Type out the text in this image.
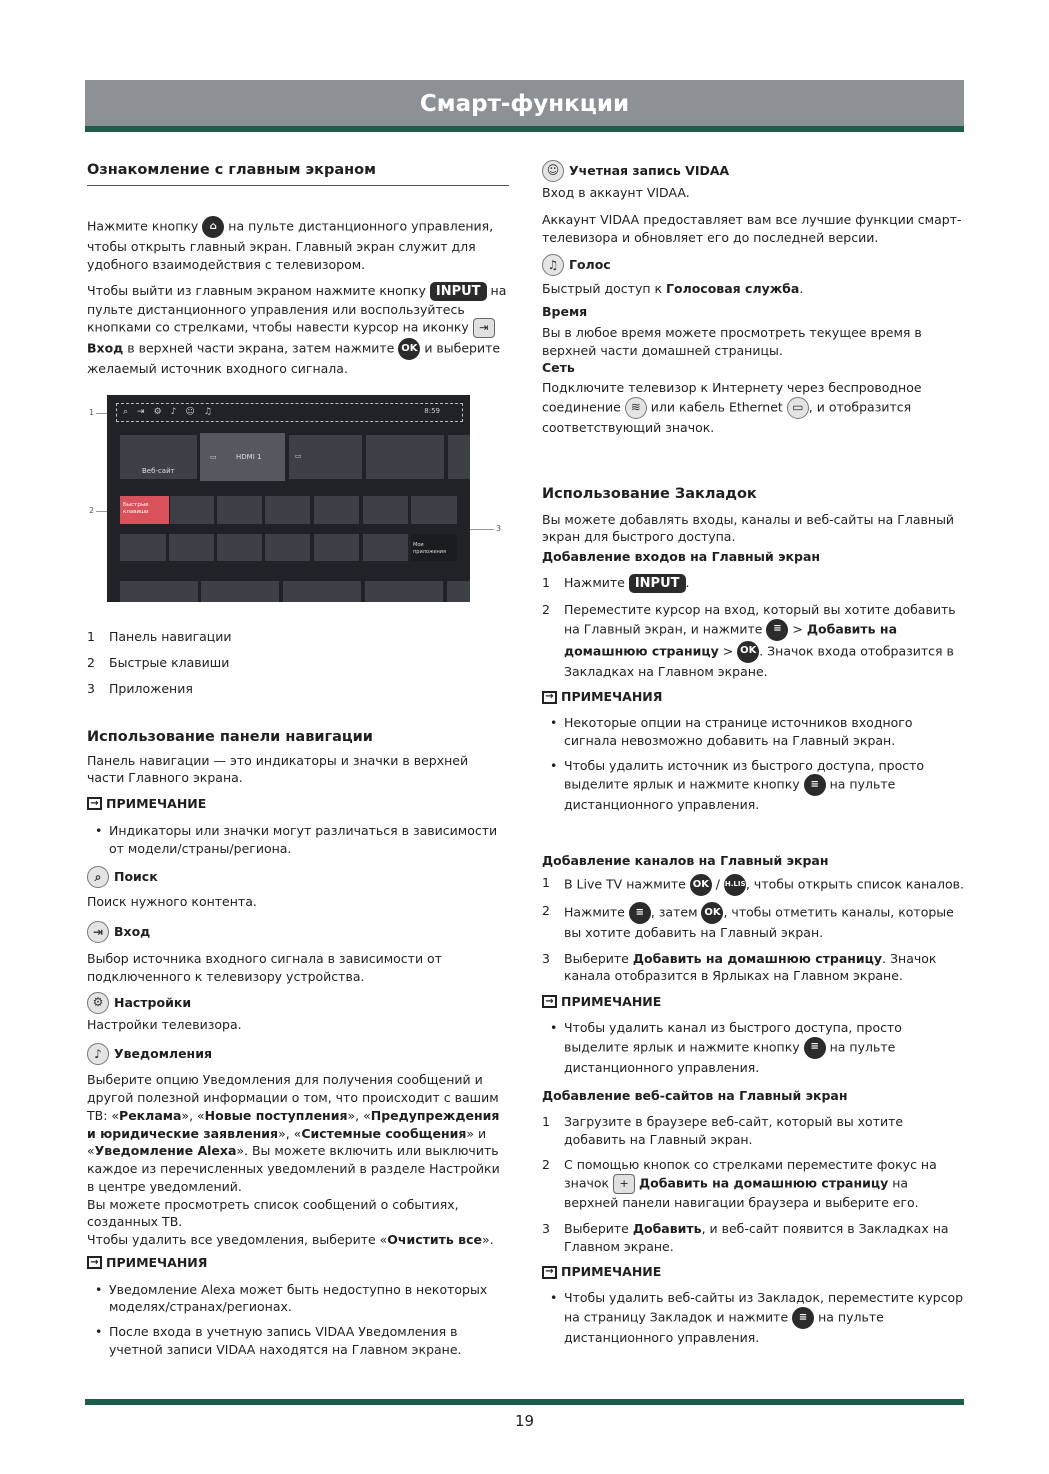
Смарт-функции
Ознакомление с главным экраном

Нажмите кнопку ⌂ на пульте дистанционного управления, чтобы открыть главный экран. Главный экран служит для удобного взаимодействия с телевизором.

Чтобы выйти из главным экраном нажмите кнопку INPUT на пульте дистанционного управления или воспользуйтесь кнопками со стрелками, чтобы навести курсор на иконку ⇥ Вход в верхней части экрана, затем нажмите OK и выберите желаемый источник входного сигнала.

1
2
3
⌕⇥⚙♪☺♫	8:59
Веб-сайт
▭	HDMI 1	▭
Быстрые клавиши
Мои приложения
1 Панель навигации
2 Быстрые клавиши
3 Приложения
Использование панели навигации

Панель навигации — это индикаторы и значки в верхней части Главного экрана.

→ ПРИМЕЧАНИЕ
• Индикаторы или значки могут различаться в зависимости от модели/страны/региона.
⌕	Поиск

Поиск нужного контента.

⇥ Вход

Выбор источника входного сигнала в зависимости от подключенного к телевизору устройства.

⚙ Настройки

Настройки телевизора.

♪ Уведомления

Выберите опцию Уведомления для получения сообщений и другой полезной информации о том, что происходит с вашим ТВ: «Реклама», «Новые поступления», «Предупреждения и юридические заявления», «Системные сообщения» и «Уведомление Alexa». Вы можете включить или выключить каждое из перечисленных уведомлений в разделе Настройки в центре уведомлений.

Вы можете просмотреть список сообщений о событиях, созданных ТВ.

Чтобы удалить все уведомления, выберите «Очистить все».

→ ПРИМЕЧАНИЯ
• Уведомление Alexa может быть недоступно в некоторых моделях/странах/регионах.
• После входа в учетную запись VIDAA Уведомления в учетной записи VIDAA находятся на Главном экране.
☺ Учетная запись VIDAA

Вход в аккаунт VIDAA.

Аккаунт VIDAA предоставляет вам все лучшие функции смарт-телевизора и обновляет его до последней версии.

♫ Голос

Быстрый доступ к Голосовая служба.

Время

Вы в любое время можете просмотреть текущее время в верхней части домашней страницы.

Сеть

Подключите телевизор к Интернету через беспроводное
соединение ≋ или кабель Ethernet ▭ , и отобразится
соответствующий значок.

Использование Закладок

Вы можете добавлять входы, каналы и веб-сайты на Главный экран для быстрого доступа.

Добавление входов на Главный экран
1 Нажмите INPUT .
2 Переместите курсор на вход, который вы хотите добавить на Главный экран, и нажмите ≡ > Добавить на домашнюю страницу > OK . Значок входа отобразится в Закладках на Главном экране.
→ ПРИМЕЧАНИЯ
• Некоторые опции на странице источников входного сигнала невозможно добавить на Главный экран.
• Чтобы удалить источник из быстрого доступа, просто выделите ярлык и нажмите кнопку ≡ на пульте дистанционного управления.
Добавление каналов на Главный экран
1 В Live TV нажмите OK / CH.LIST, чтобы открыть список каналов.
2 Нажмите ≡ , затем OK , чтобы отметить каналы, которые вы хотите добавить на Главный экран.
3 Выберите Добавить на домашнюю страницу. Значок канала отобразится в Ярлыках на Главном экране.
→ ПРИМЕЧАНИЕ
• Чтобы удалить канал из быстрого доступа, просто выделите ярлык и нажмите кнопку ≡ на пульте дистанционного управления.
Добавление веб-сайтов на Главный экран
1 Загрузите в браузере веб-сайт, который вы хотите добавить на Главный экран.
2 С помощью кнопок со стрелками переместите фокус на значок + Добавить на домашнюю страницу на верхней панели навигации браузера и выберите его.
3 Выберите Добавить, и веб-сайт появится в Закладках на Главном экране.
→ ПРИМЕЧАНИЕ
• Чтобы удалить веб-сайты из Закладок, переместите курсор на страницу Закладок и нажмите ≡ на пульте дистанционного управления.
19
